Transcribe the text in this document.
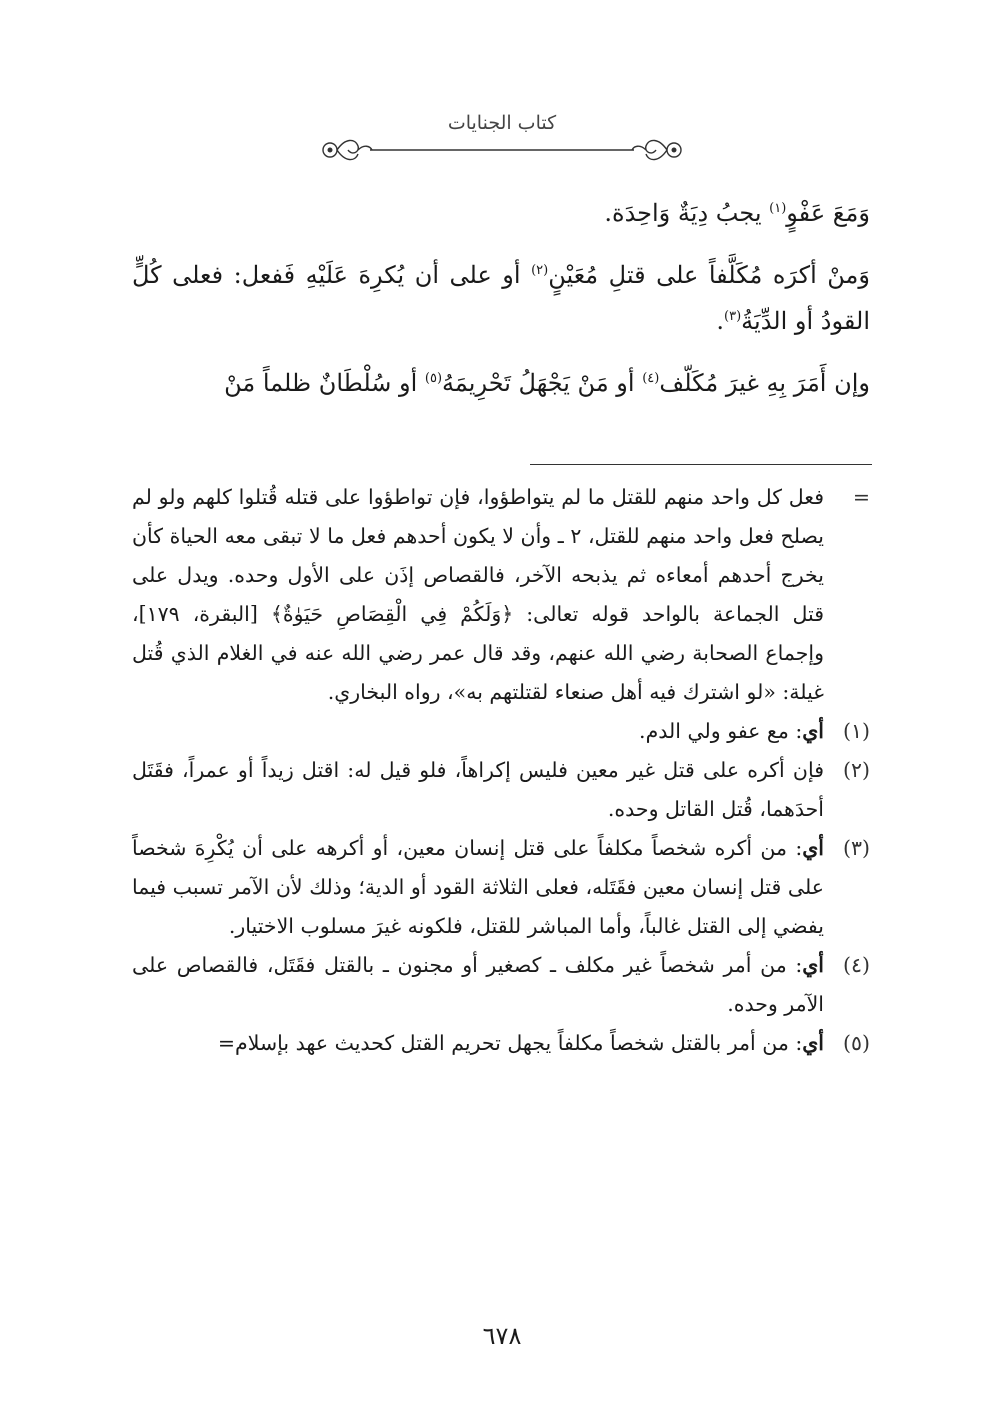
كتاب الجنايات

وَمَعَ عَفْوٍ$^{(١)}$ يجبُ دِيَةٌ وَاحِدَة.

وَمنْ أكرَه مُكَلَّفاً على قتلِ مُعَيْنٍ$^{(٢)}$ أو على أن يُكرِهَ عَلَيْهِ فَفعل: فعلى كُلٍّ القودُ أو الدِّيَةُ$^{(٣)}$.

وإن أَمَرَ بِهِ غيرَ مُكَلّف$^{(٤)}$ أو مَنْ يَجْهَلُ تَحْرِيمَهُ$^{(٥)}$ أو سُلْطَانٌ ظلماً مَنْ

=
فعل كل واحد منهم للقتل ما لم يتواطؤوا، فإن تواطؤوا على قتله قُتلوا كلهم ولو لم يصلح فعل واحد منهم للقتل، ٢ ـ وأن لا يكون أحدهم فعل ما لا تبقى معه الحياة كأن يخرج أحدهم أمعاءه ثم يذبحه الآخر، فالقصاص إذَن على الأول وحده. ويدل على قتل الجماعة بالواحد قوله تعالى: ﴿وَلَكُمْ فِي الْقِصَاصِ حَيَوٰةٌ﴾ [البقرة، ١٧٩]، وإجماع الصحابة رضي الله عنهم، وقد قال عمر رضي الله عنه في الغلام الذي قُتل غيلة: «لو اشترك فيه أهل صنعاء لقتلتهم به»، رواه البخاري.

(١)
أي: مع عفو ولي الدم.

(٢)
فإن أكره على قتل غير معين فليس إكراهاً، فلو قيل له: اقتل زيداً أو عمراً، فقَتَل أحدَهما، قُتل القاتل وحده.

(٣)
أي: من أكره شخصاً مكلفاً على قتل إنسان معين، أو أكرهه على أن يُكْرِهَ شخصاً على قتل إنسان معين فقَتَله، فعلى الثلاثة القود أو الدية؛ وذلك لأن الآمر تسبب فيما يفضي إلى القتل غالباً، وأما المباشر للقتل، فلكونه غيرَ مسلوب الاختيار.

(٤)
أي: من أمر شخصاً غير مكلف ـ كصغير أو مجنون ـ بالقتل فقَتَل، فالقصاص على الآمر وحده.

(٥)
أي: من أمر بالقتل شخصاً مكلفاً يجهل تحريم القتل كحديث عهد بإسلام=

٦٧٨
